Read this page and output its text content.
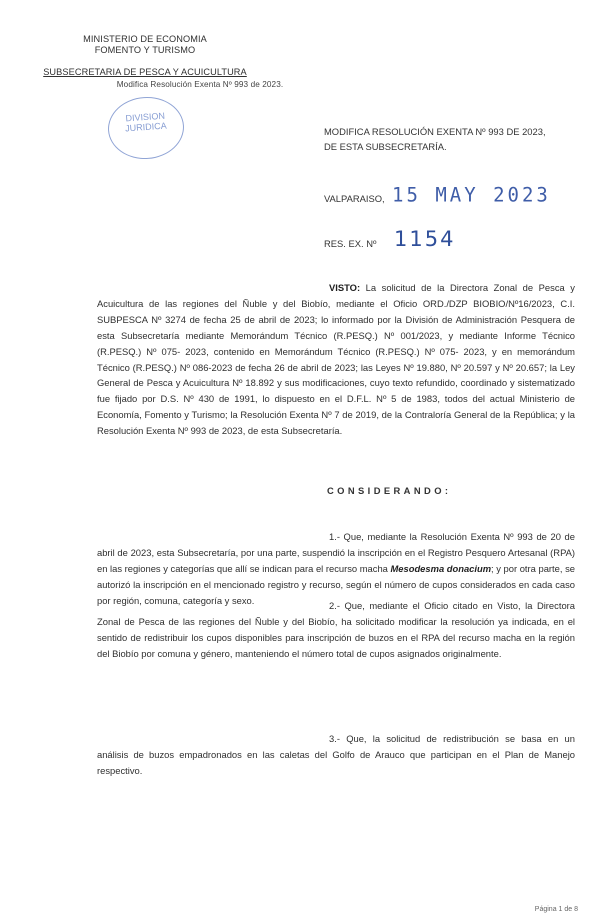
MINISTERIO DE ECONOMIA
FOMENTO Y TURISMO
SUBSECRETARIA DE PESCA Y ACUICULTURA
Modifica Resolución Exenta Nº 993 de 2023.
DIVISION
JURIDICA	MODIFICA RESOLUCIÓN EXENTA Nº 993 DE 2023,
DE ESTA SUBSECRETARÍA.
VALPARAISO, 15 MAY 2023
RES. EX. Nº 1154
VISTO: La solicitud de la Directora Zonal de Pesca y Acuicultura de las regiones del Ñuble y del Biobío, mediante el Oficio ORD./DZP BIOBIO/Nº16/2023, C.I. SUBPESCA Nº 3274 de fecha 25 de abril de 2023; lo informado por la División de Administración Pesquera de esta Subsecretaría mediante Memorándum Técnico (R.PESQ.) Nº 001/2023, y mediante Informe Técnico (R.PESQ.) Nº 075- 2023, contenido en Memorándum Técnico (R.PESQ.) Nº 075- 2023, y en memorándum Técnico (R.PESQ.) Nº 086-2023 de fecha 26 de abril de 2023; las Leyes Nº 19.880, Nº 20.597 y Nº 20.657; la Ley General de Pesca y Acuicultura Nº 18.892 y sus modificaciones, cuyo texto refundido, coordinado y sistematizado fue fijado por D.S. Nº 430 de 1991, lo dispuesto en el D.F.L. Nº 5 de 1983, todos del actual Ministerio de Economía, Fomento y Turismo; la Resolución Exenta Nº 7 de 2019, de la Contraloría General de la República; y la Resolución Exenta Nº 993 de 2023, de esta Subsecretaría.
CONSIDERANDO:
1.- Que, mediante la Resolución Exenta Nº 993 de 20 de abril de 2023, esta Subsecretaría, por una parte, suspendió la inscripción en el Registro Pesquero Artesanal (RPA) en las regiones y categorías que allí se indican para el recurso macha Mesodesma donacium; y por otra parte, se autorizó la inscripción en el mencionado registro y recurso, según el número de cupos considerados en cada caso por región, comuna, categoría y sexo.	2.- Que, mediante el Oficio citado en Visto, la Directora Zonal de Pesca de las regiones del Ñuble y del Biobío, ha solicitado modificar la resolución ya indicada, en el sentido de redistribuir los cupos disponibles para inscripción de buzos en el RPA del recurso macha en la región del Biobío por comuna y género, manteniendo el número total de cupos asignados originalmente.
3.- Que, la solicitud de redistribución se basa en un análisis de buzos empadronados en las caletas del Golfo de Arauco que participan en el Plan de Manejo respectivo.
Página 1 de 8
